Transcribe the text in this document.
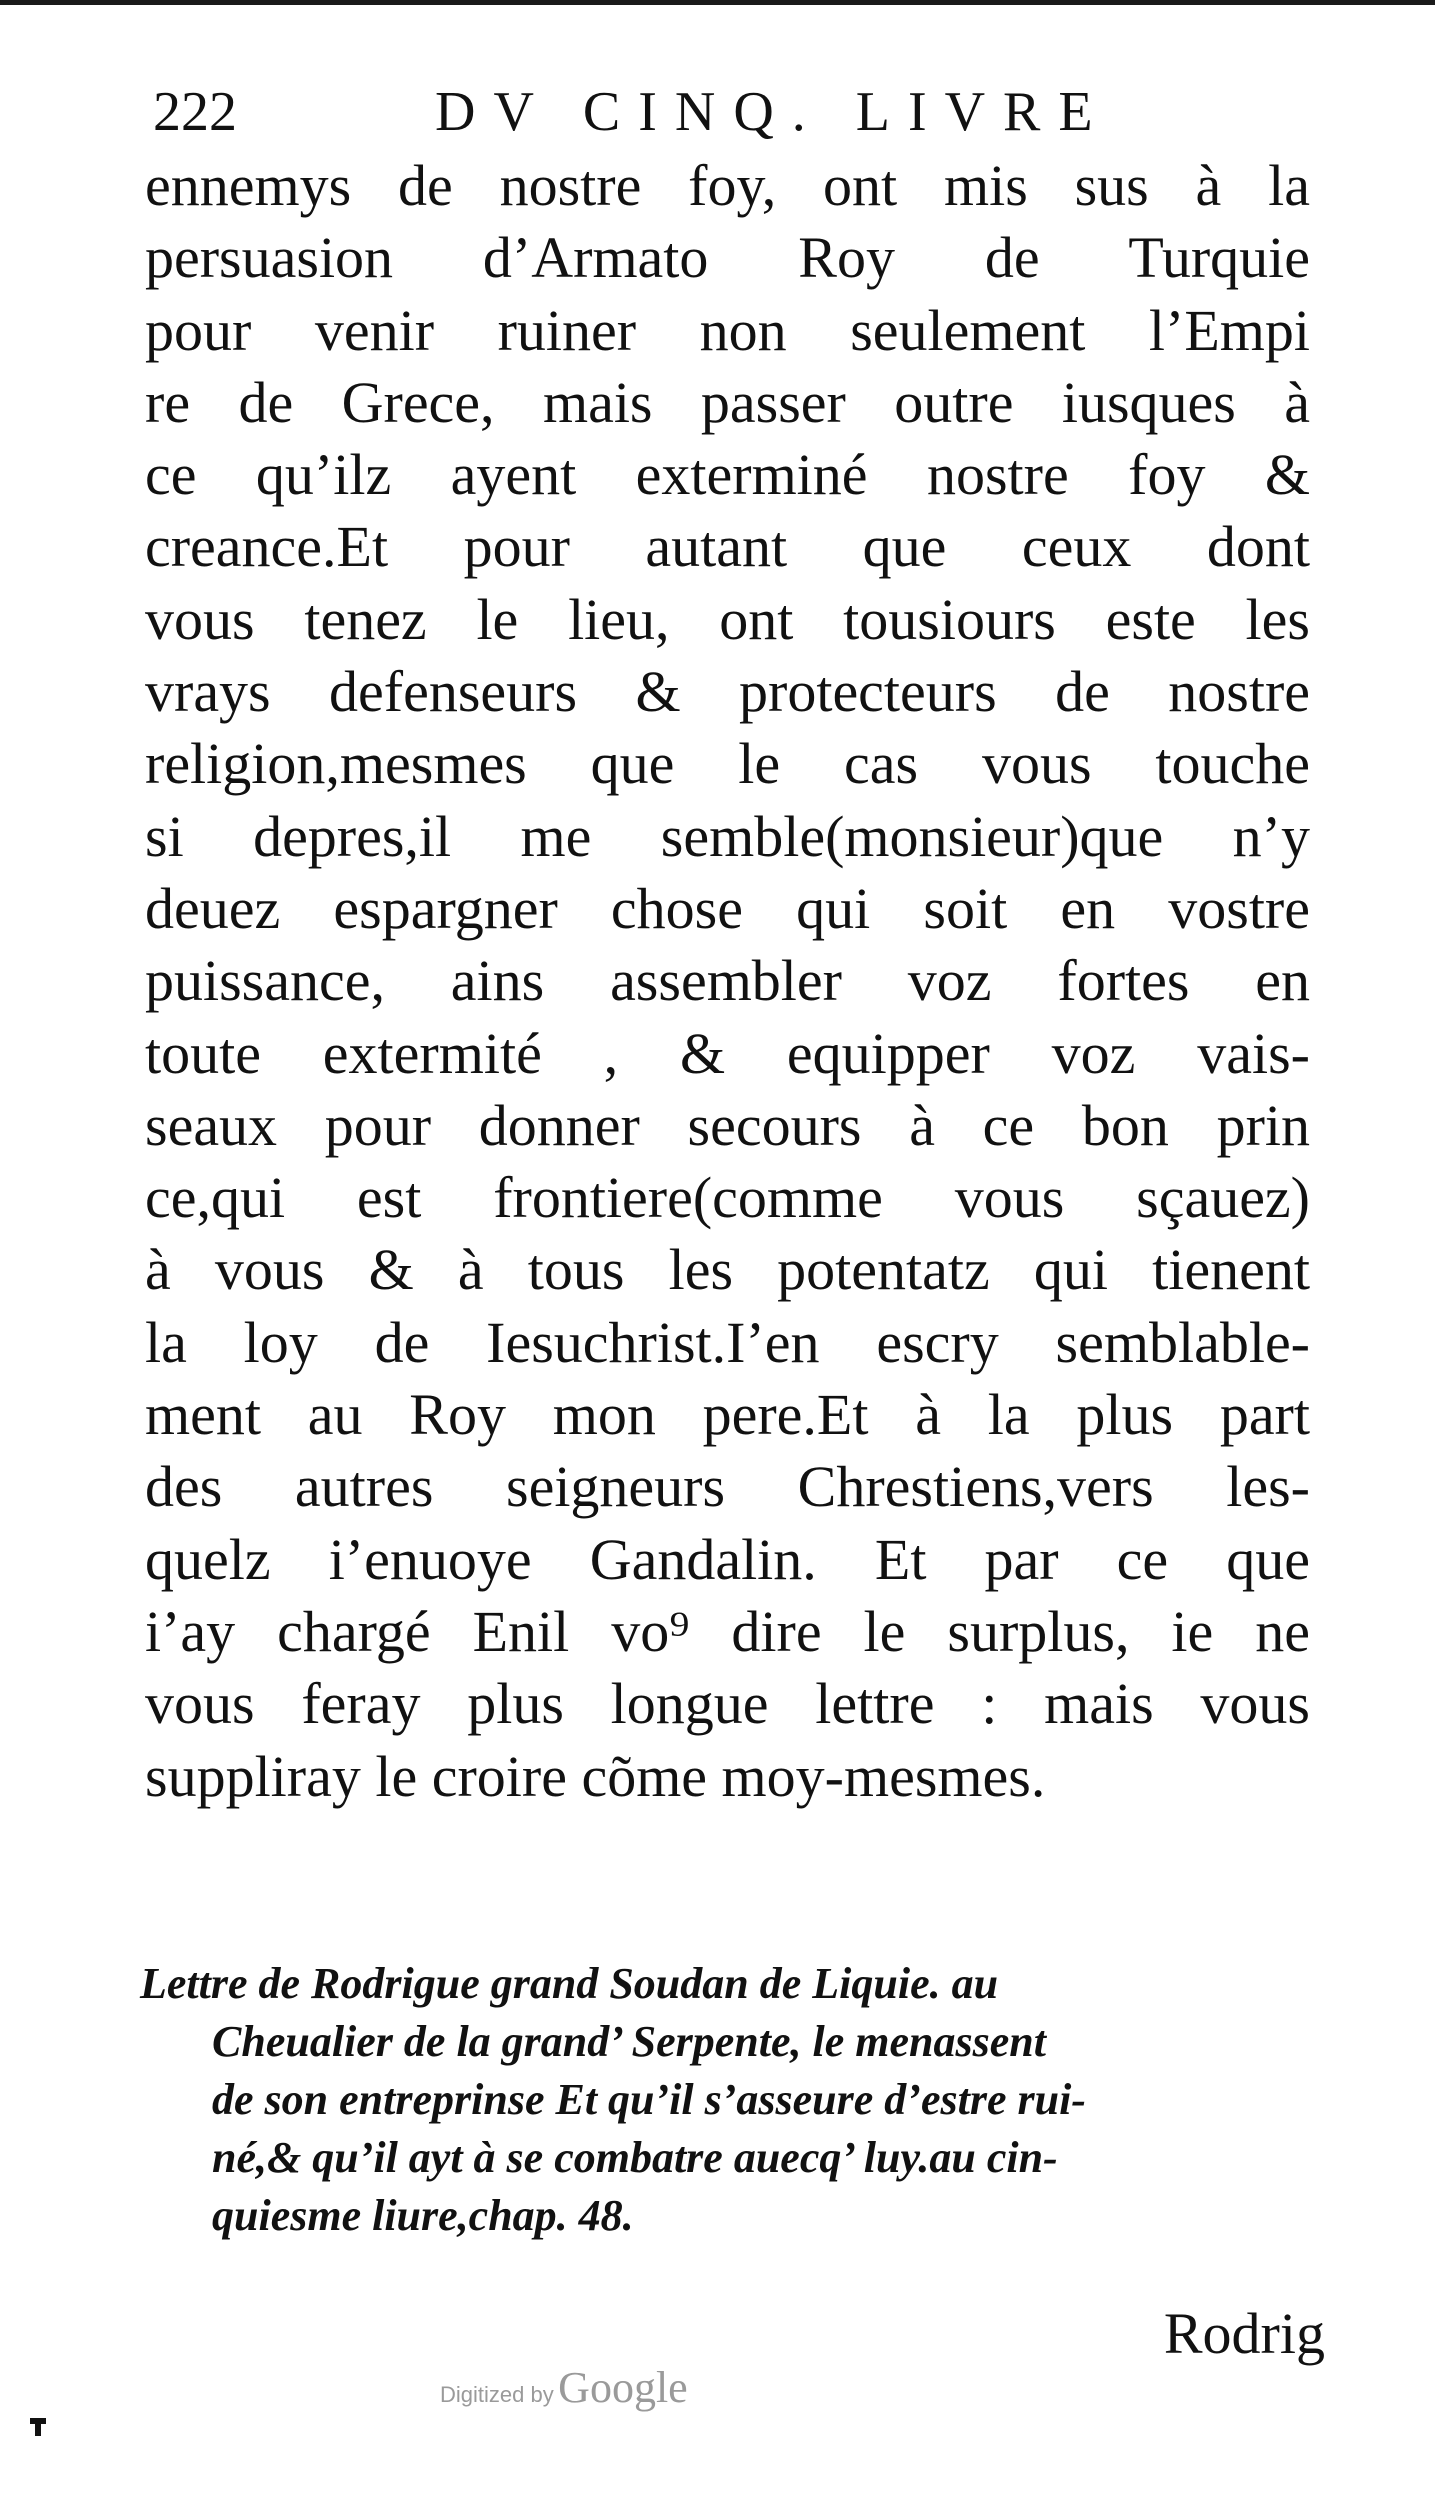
222	DV CINQ. LIVRE
ennemys de nostre foy, ont mis sus à la
persuasion d’Armato Roy de Turquie
pour venir ruiner non seulement l’Empi
re de Grece, mais passer outre iusques à
ce qu’ilz ayent exterminé nostre foy &
creance.Et pour autant que ceux dont
vous tenez le lieu, ont tousiours este les
vrays defenseurs & protecteurs de nostre
religion,mesmes que le cas vous touche
si depres,il me semble(monsieur)que n’y
deuez espargner chose qui soit en vostre
puissance, ains assembler voz fortes en
toute extermité , & equipper voz vais-
seaux pour donner secours à ce bon prin
ce,qui est frontiere(comme vous sçauez)
à vous & à tous les potentatz qui tienent
la loy de Iesuchrist.I’en escry semblable-
ment au Roy mon pere.Et à la plus part
des autres seigneurs Chrestiens,vers les-
quelz i’enuoye Gandalin. Et par ce que
i’ay chargé Enil vo⁹ dire le surplus, ie ne
vous feray plus longue lettre : mais vous
suppliray le croire cõme moy-mesmes.
Lettre de Rodrigue grand Soudan de Liquie. au
Cheualier de la grand’ Serpente, le menassent
de son entreprinse Et qu’il s’asseure d’estre rui-
né,& qu’il ayt à se combatre auecq’ luy.au cin-
quiesme liure,chap. 48.
Rodrig
Digitized by Google
